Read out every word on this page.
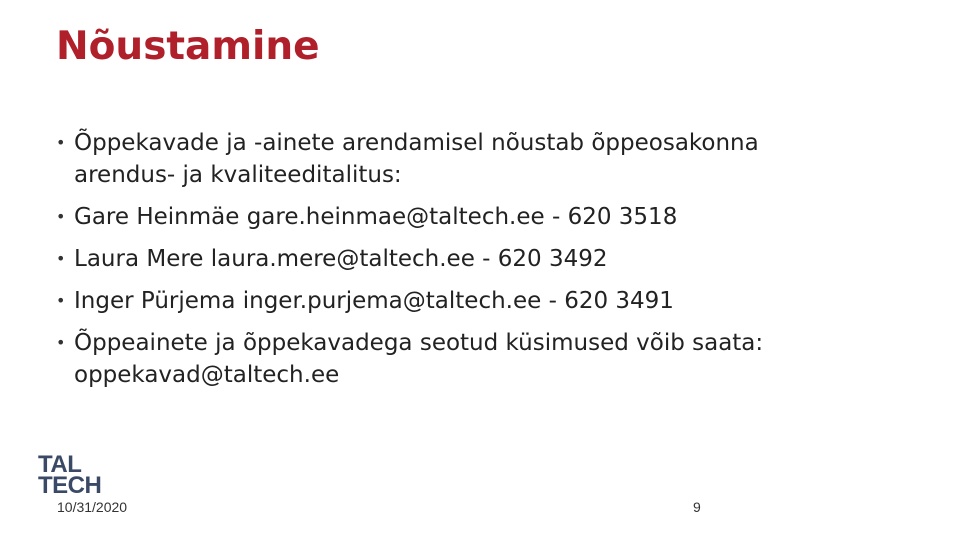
Nõustamine
• Õppekavade ja -ainete arendamisel nõustab õppeosakonna arendus- ja kvaliteeditalitus:
• Gare Heinmäe gare.heinmae@taltech.ee - 620 3518
• Laura Mere laura.mere@taltech.ee - 620 3492
• Inger Pürjema inger.purjema@taltech.ee - 620 3491
• Õppeainete ja õppekavadega seotud küsimused võib saata: oppekavad@taltech.ee
TAL
TECH
10/31/2020	9
